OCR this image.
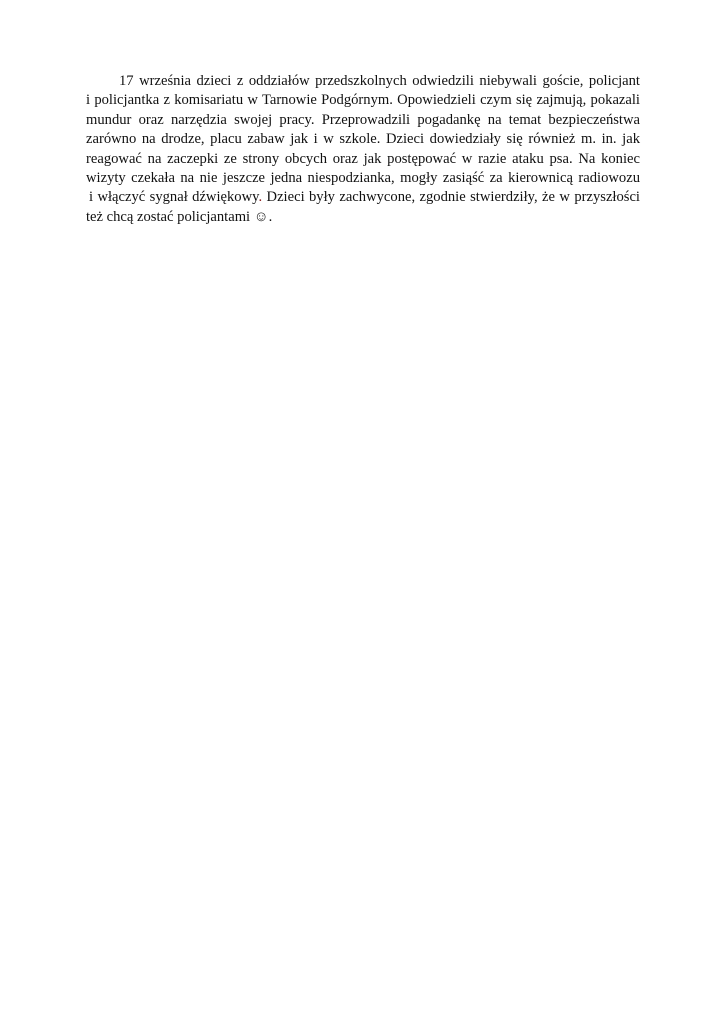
17 września dzieci z oddziałów przedszkolnych odwiedzili niebywali goście, policjant
i policjantka z komisariatu w Tarnowie Podgórnym. Opowiedzieli czym się zajmują, pokazali
mundur oraz narzędzia swojej pracy. Przeprowadzili pogadankę na temat bezpieczeństwa
zarówno na drodze, placu zabaw jak i w szkole. Dzieci dowiedziały się również m. in. jak
reagować na zaczepki ze strony obcych oraz jak postępować w razie ataku psa. Na koniec
wizyty czekała na nie jeszcze jedna niespodzianka, mogły zasiąść za kierownicą radiowozu
i włączyć sygnał dźwiękowy. Dzieci były zachwycone, zgodnie stwierdziły, że w przyszłości
też chcą zostać policjantami ☺.
